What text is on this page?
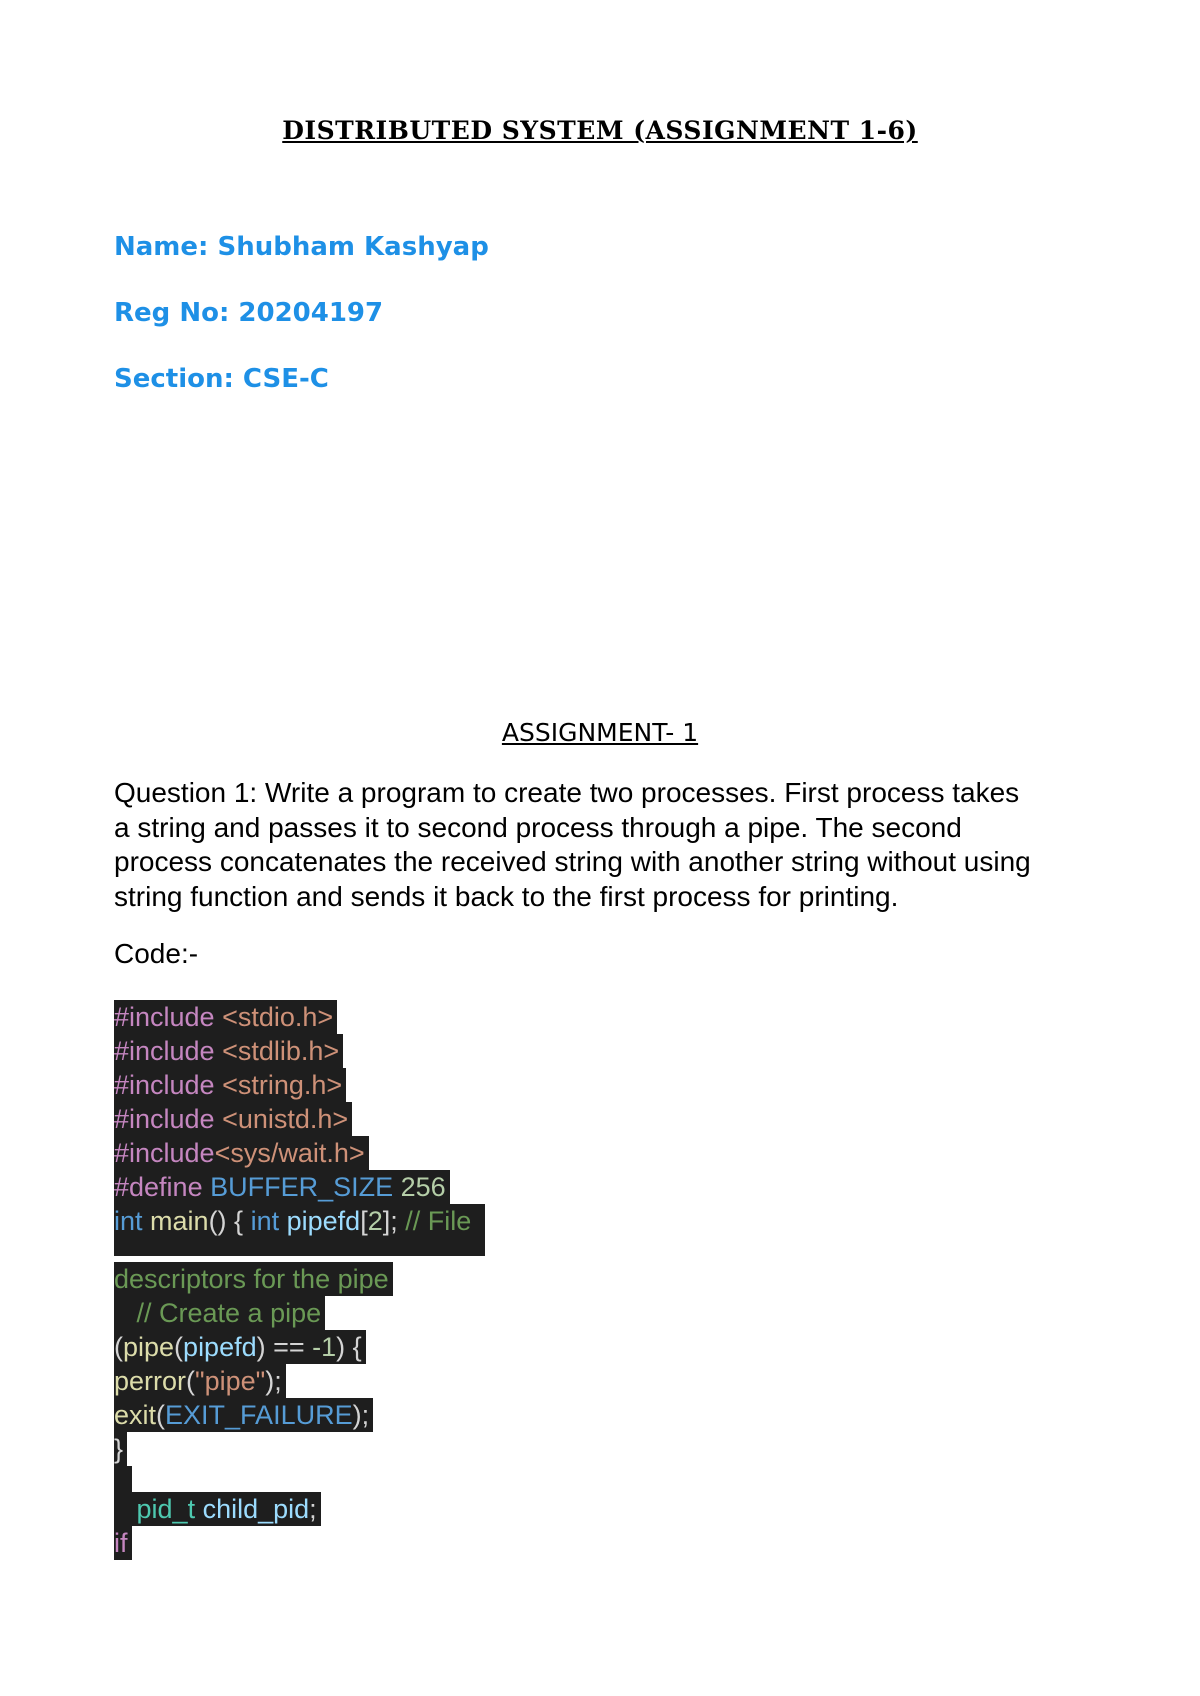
DISTRIBUTED SYSTEM (ASSIGNMENT 1-6)
Name: Shubham Kashyap
Reg No: 20204197
Section: CSE-C
ASSIGNMENT- 1
Question 1: Write a program to create two processes. First process takes
a string and passes it to second process through a pipe. The second
process concatenates the received string with another string without using
string function and sends it back to the first process for printing.
Code:-
#include <stdio.h>
#include <stdlib.h>
#include <string.h>
#include <unistd.h>
#include<sys/wait.h>
#define BUFFER_SIZE 256
int main() { int pipefd[2]; // File
descriptors for the pipe
// Create a pipe
(pipe(pipefd) == -1) {
perror("pipe");
exit(EXIT_FAILURE);
}
pid_t child_pid;
if
